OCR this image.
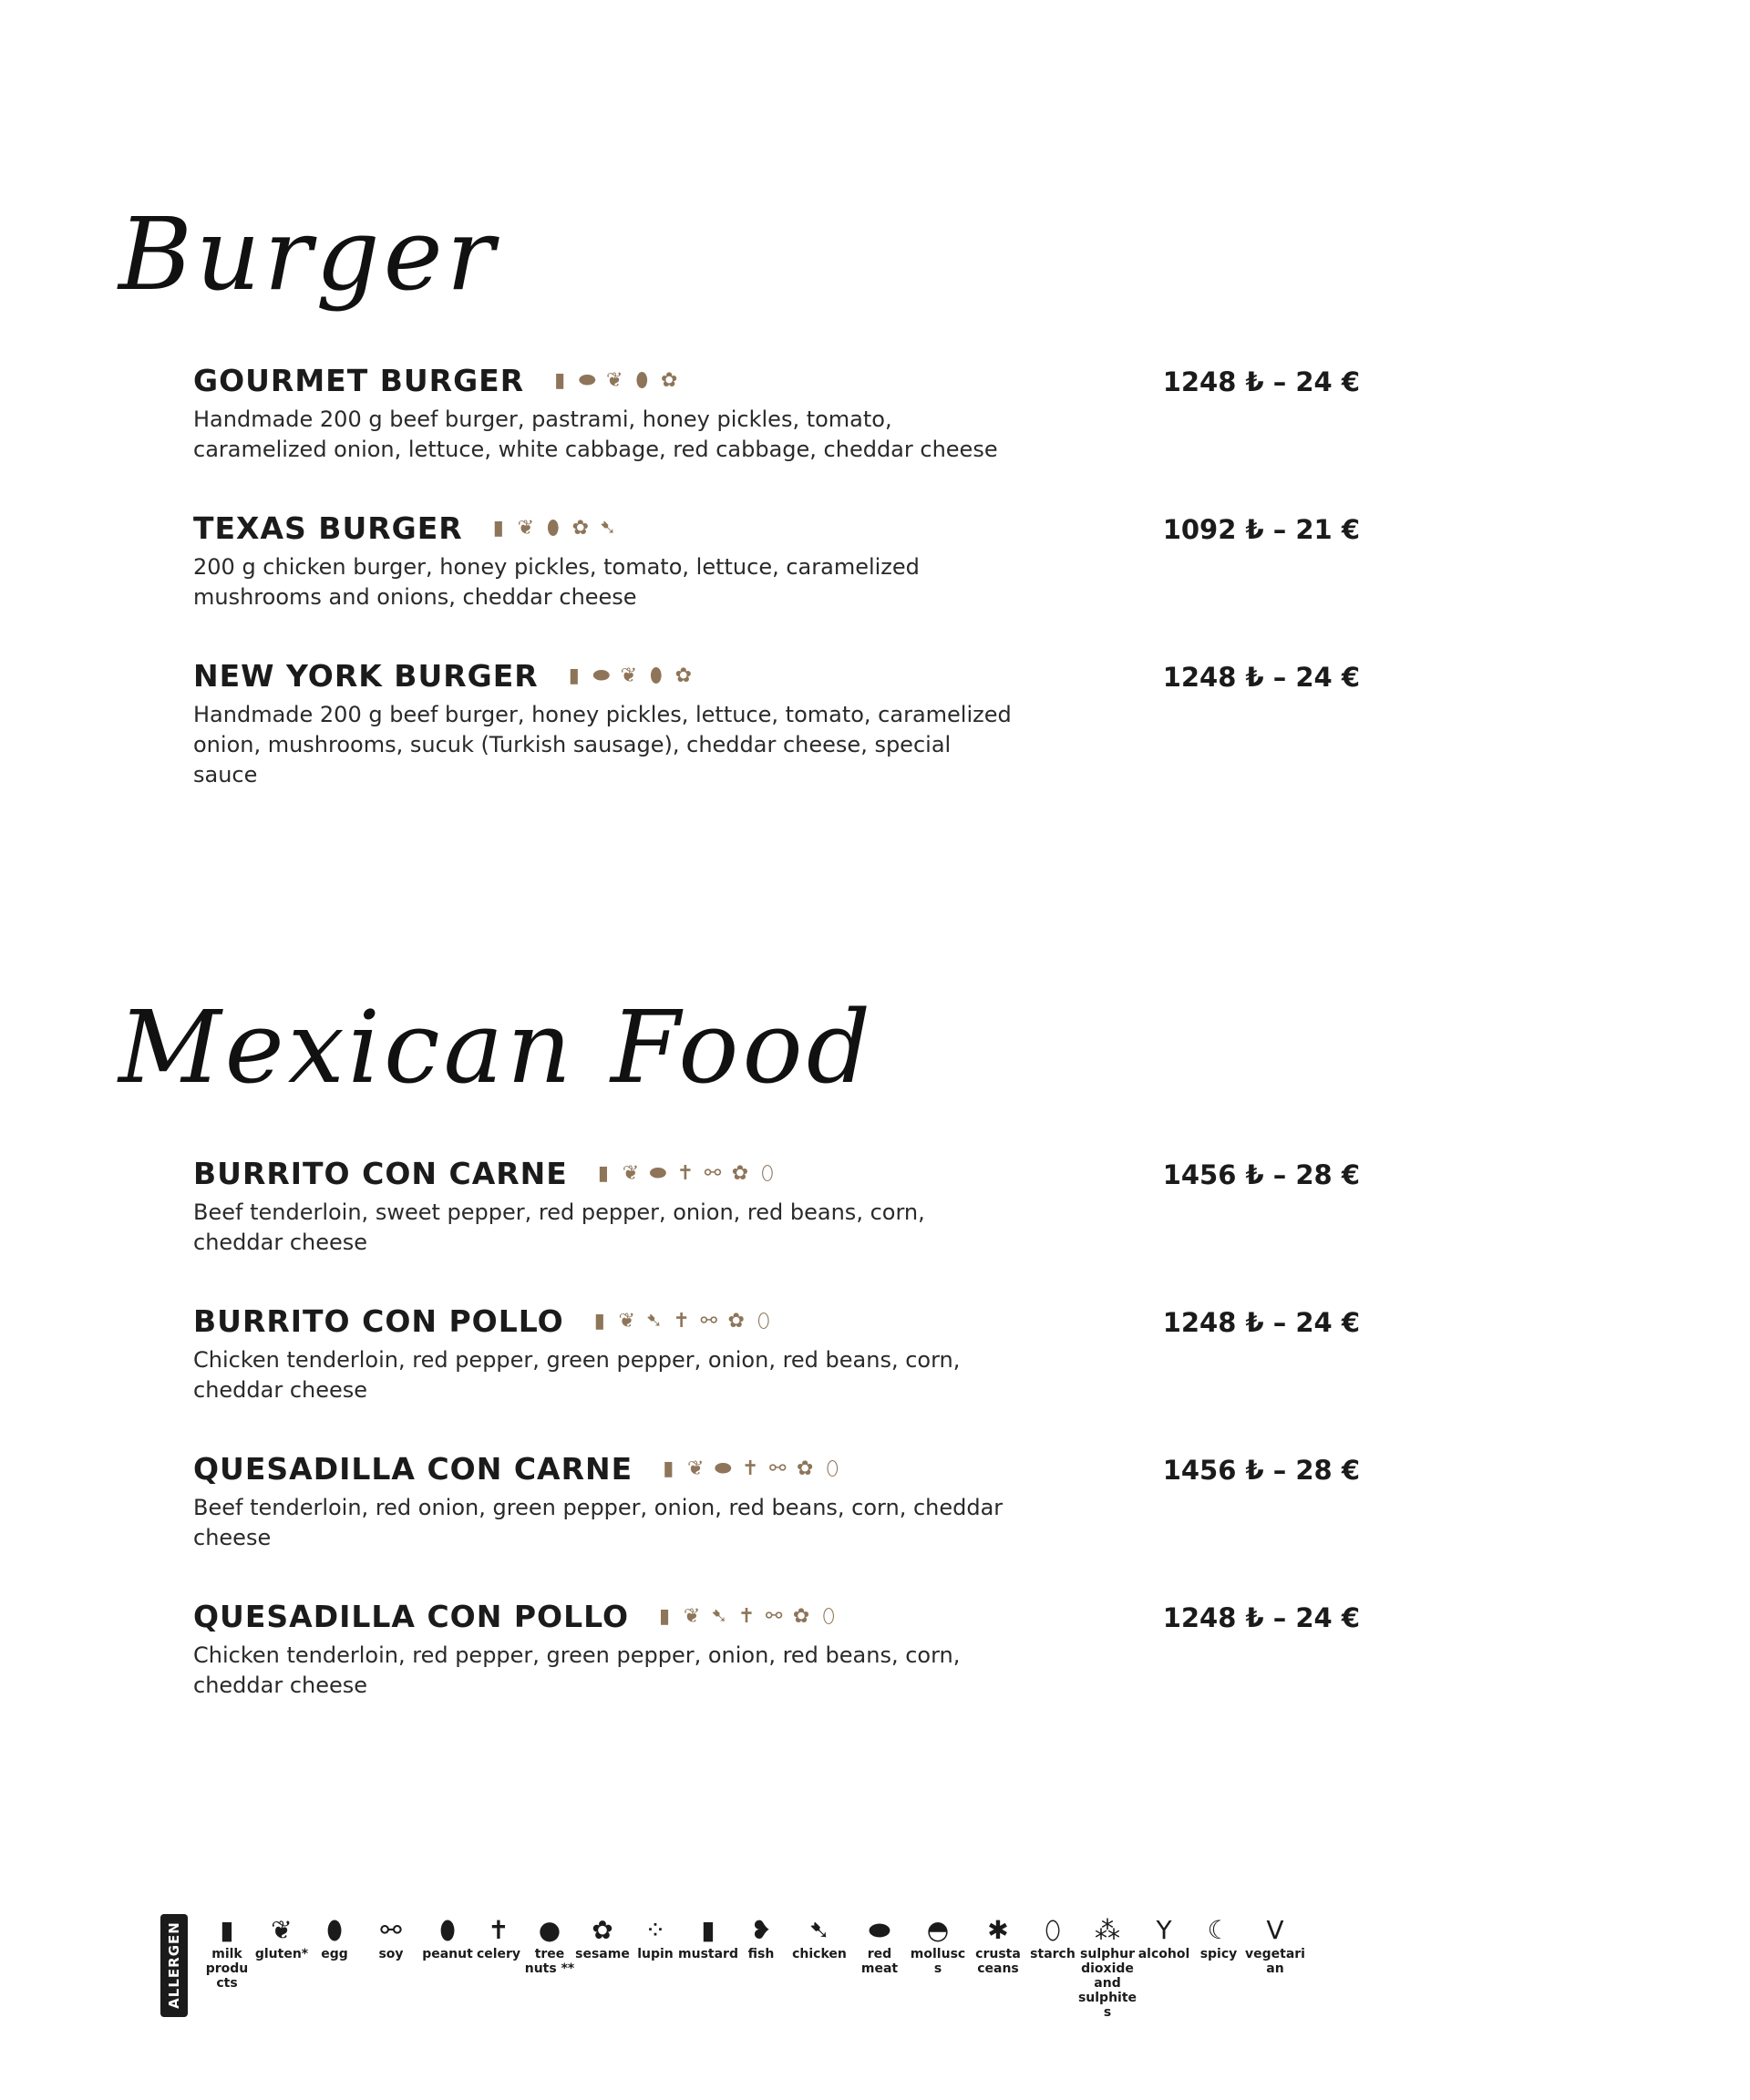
Burger
GOURMET BURGER ▮ ⬬ ❦ ⬮ ✿	1248 ₺ – 24 €
Handmade 200 g beef burger, pastrami, honey pickles, tomato, caramelized onion, lettuce, white cabbage, red cabbage, cheddar cheese
TEXAS BURGER ▮ ❦ ⬮ ✿ ➷	1092 ₺ – 21 €
200 g chicken burger, honey pickles, tomato, lettuce, caramelized mushrooms and onions, cheddar cheese
NEW YORK BURGER ▮ ⬬ ❦ ⬮ ✿	1248 ₺ – 24 €
Handmade 200 g beef burger, honey pickles, lettuce, tomato, caramelized onion, mushrooms, sucuk (Turkish sausage), cheddar cheese, special sauce
Mexican Food
BURRITO CON CARNE ▮ ❦ ⬬ ✝ ⚯ ✿ ⬯	1456 ₺ – 28 €
Beef tenderloin, sweet pepper, red pepper, onion, red beans, corn, cheddar cheese
BURRITO CON POLLO ▮ ❦ ➷ ✝ ⚯ ✿ ⬯	1248 ₺ – 24 €
Chicken tenderloin, red pepper, green pepper, onion, red beans, corn, cheddar cheese
QUESADILLA CON CARNE ▮ ❦ ⬬ ✝ ⚯ ✿ ⬯	1456 ₺ – 28 €
Beef tenderloin, red onion, green pepper, onion, red beans, corn, cheddar cheese
QUESADILLA CON POLLO ▮ ❦ ➷ ✝ ⚯ ✿ ⬯	1248 ₺ – 24 €
Chicken tenderloin, red pepper, green pepper, onion, red beans, corn, cheddar cheese
ALLERGEN	▮
milk produ cts
❦
gluten*
⬮
egg
⚯
soy
⬮
peanut
✝
celery
●
tree nuts **
✿
sesame
⁘
lupin
▮
mustard
❥
fish
➷
chicken
⬬
red meat
◓
molluscs
✱
crusta ceans
⬯
starch
⁂
sulphur dioxide and sulphites
Y
alcohol
☾
spicy
V
vegetarian
